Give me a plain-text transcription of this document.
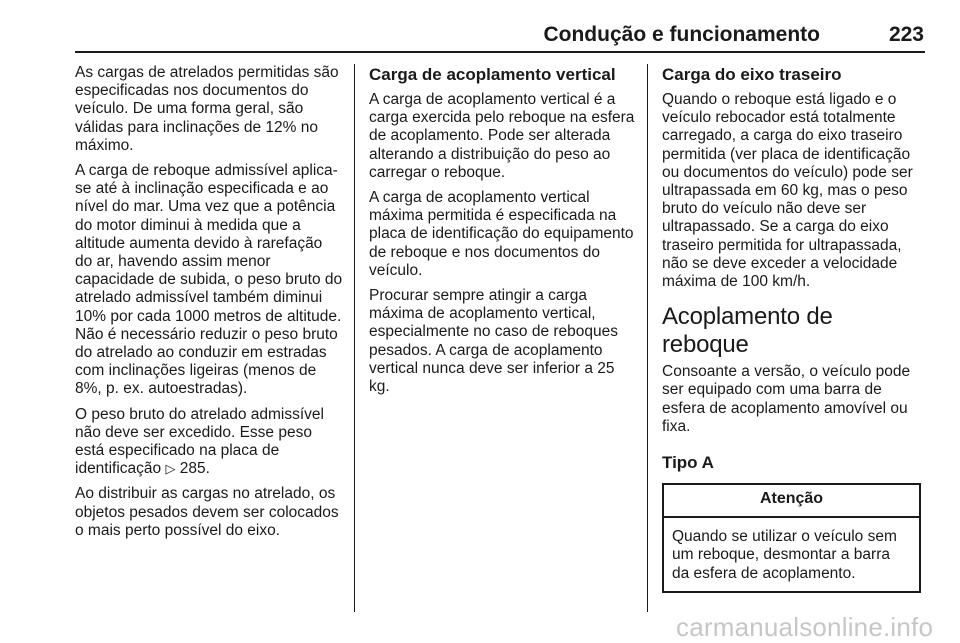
Condução e funcionamento	223

As cargas de atrelados permitidas são especificadas nos documentos do veículo. De uma forma geral, são válidas para inclinações de 12% no máximo.

A carga de reboque admissível aplica-se até à inclinação especificada e ao nível do mar. Uma vez que a potência do motor diminui à medida que a altitude aumenta devido à rarefação do ar, havendo assim menor capacidade de subida, o peso bruto do atrelado admissível também diminui 10% por cada 1000 metros de altitude. Não é necessário reduzir o peso bruto do atrelado ao conduzir em estradas com inclinações ligeiras (menos de 8%, p. ex. autoestradas).

O peso bruto do atrelado admissível não deve ser excedido. Esse peso está especificado na placa de identificação ▷ 285.

Ao distribuir as cargas no atrelado, os objetos pesados devem ser colocados o mais perto possível do eixo.

Carga de acoplamento vertical

A carga de acoplamento vertical é a carga exercida pelo reboque na esfera de acoplamento. Pode ser alterada alterando a distribuição do peso ao carregar o reboque.

A carga de acoplamento vertical máxima permitida é especificada na placa de identificação do equipamento de reboque e nos documentos do veículo.

Procurar sempre atingir a carga máxima de acoplamento vertical, especialmente no caso de reboques pesados. A carga de acoplamento vertical nunca deve ser inferior a 25 kg.

Carga do eixo traseiro

Quando o reboque está ligado e o veículo rebocador está totalmente carregado, a carga do eixo traseiro permitida (ver placa de identificação ou documentos do veículo) pode ser ultrapassada em 60 kg, mas o peso bruto do veículo não deve ser ultrapassado. Se a carga do eixo traseiro permitida for ultrapassada, não se deve exceder a velocidade máxima de 100 km/h.

Acoplamento de reboque

Consoante a versão, o veículo pode ser equipado com uma barra de esfera de acoplamento amovível ou fixa.

Tipo A
Atenção
Quando se utilizar o veículo sem um reboque, desmontar a barra da esfera de acoplamento.
carmanualsonline.info
